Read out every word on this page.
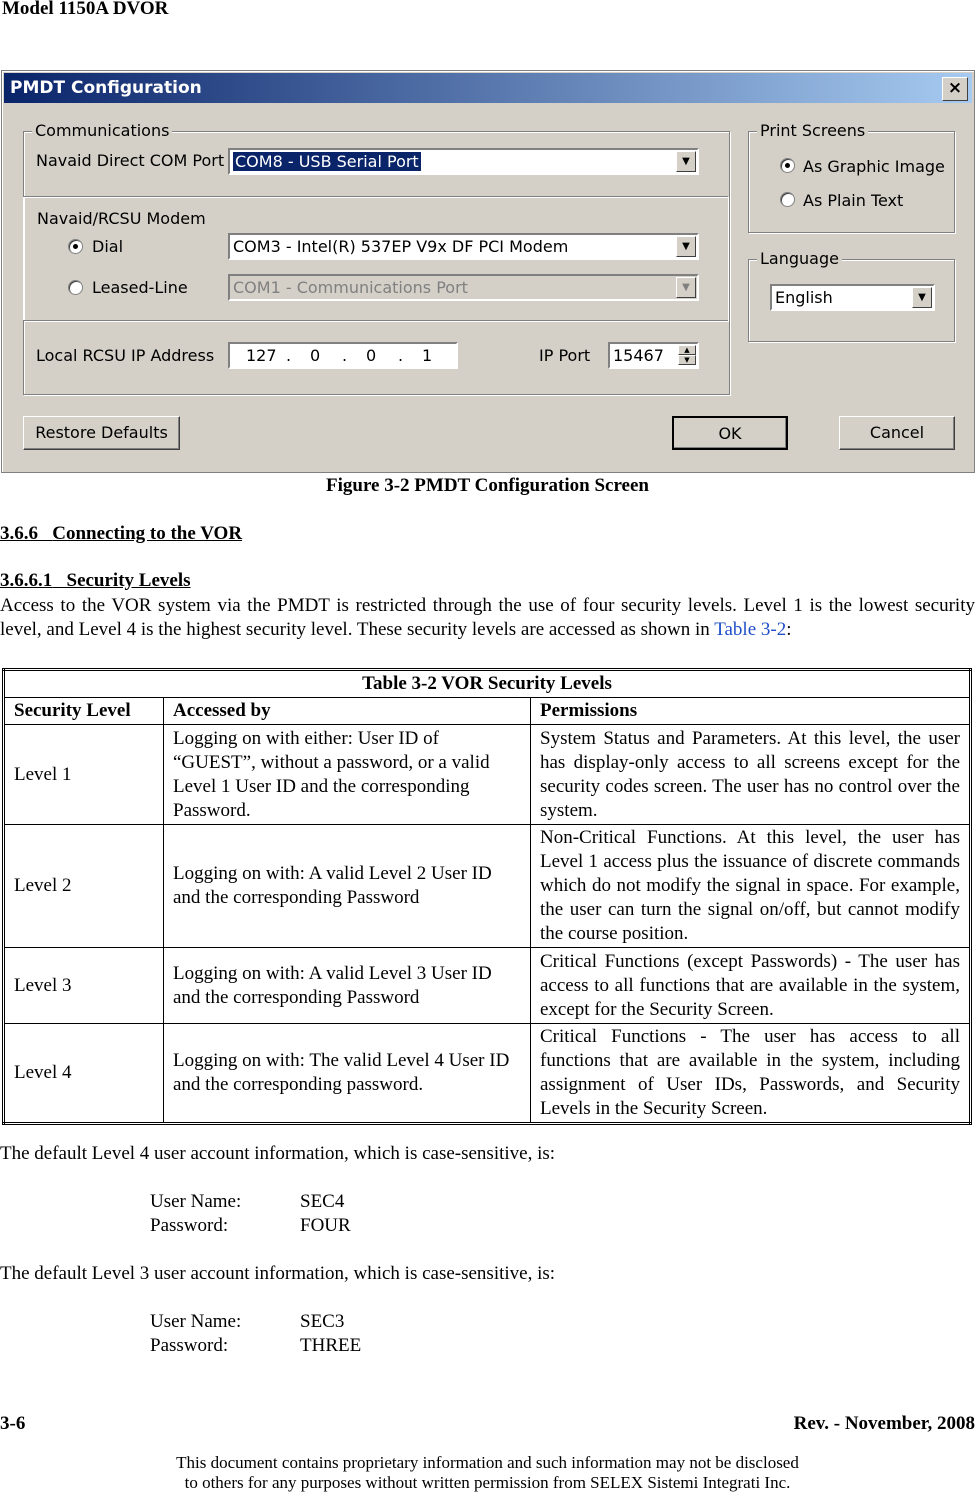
Model 1150A DVOR
PMDT Configuration	×
Communications
Navaid Direct COM Port COM8 - USB Serial Port	▼
Navaid/RCSU Modem
Dial	COM3 - Intel(R) 537EP V9x DF PCI Modem	▼
Leased-Line	COM1 - Communications Port	▼
Local RCSU IP Address 127 . 0 . 0 . 1	IP Port 15467	▲
▼
Print Screens
As Graphic Image
As Plain Text
Language
English	▼
Restore Defaults	OK	Cancel
Figure 3-2 PMDT Configuration Screen
3.6.6 Connecting to the VOR
3.6.6.1 Security Levels
Access to the VOR system via the PMDT is restricted through the use of four security levels. Level 1 is the lowest security level, and Level 4 is the highest security level. These security levels are accessed as shown in Table 3-2:
Table 3-2 VOR Security Levels		
Security Level	Accessed by	Permissions
Level 1	Logging on with either: User ID of “GUEST”, without a password, or a valid Level 1 User ID and the corresponding Password.	System Status and Parameters. At this level, the user has display-only access to all screens except for the security codes screen. The user has no control over the system.
Level 2	Logging on with: A valid Level 2 User ID and the corresponding Password	Non-Critical Functions. At this level, the user has Level 1 access plus the issuance of discrete commands which do not modify the signal in space. For example, the user can turn the signal on/off, but cannot modify the course position.
Level 3	Logging on with: A valid Level 3 User ID and the corresponding Password	Critical Functions (except Passwords) - The user has access to all functions that are available in the system, except for the Security Screen.
Level 4	Logging on with: The valid Level 4 User ID and the corresponding password.	Critical Functions - The user has access to all functions that are available in the system, including assignment of User IDs, Passwords, and Security Levels in the Security Screen.
The default Level 4 user account information, which is case-sensitive, is:
User Name:	SEC4
Password:	FOUR
The default Level 3 user account information, which is case-sensitive, is:
User Name:	SEC3
Password:	THREE
3-6	Rev. - November, 2008
This document contains proprietary information and such information may not be disclosed
to others for any purposes without written permission from SELEX Sistemi Integrati Inc.
